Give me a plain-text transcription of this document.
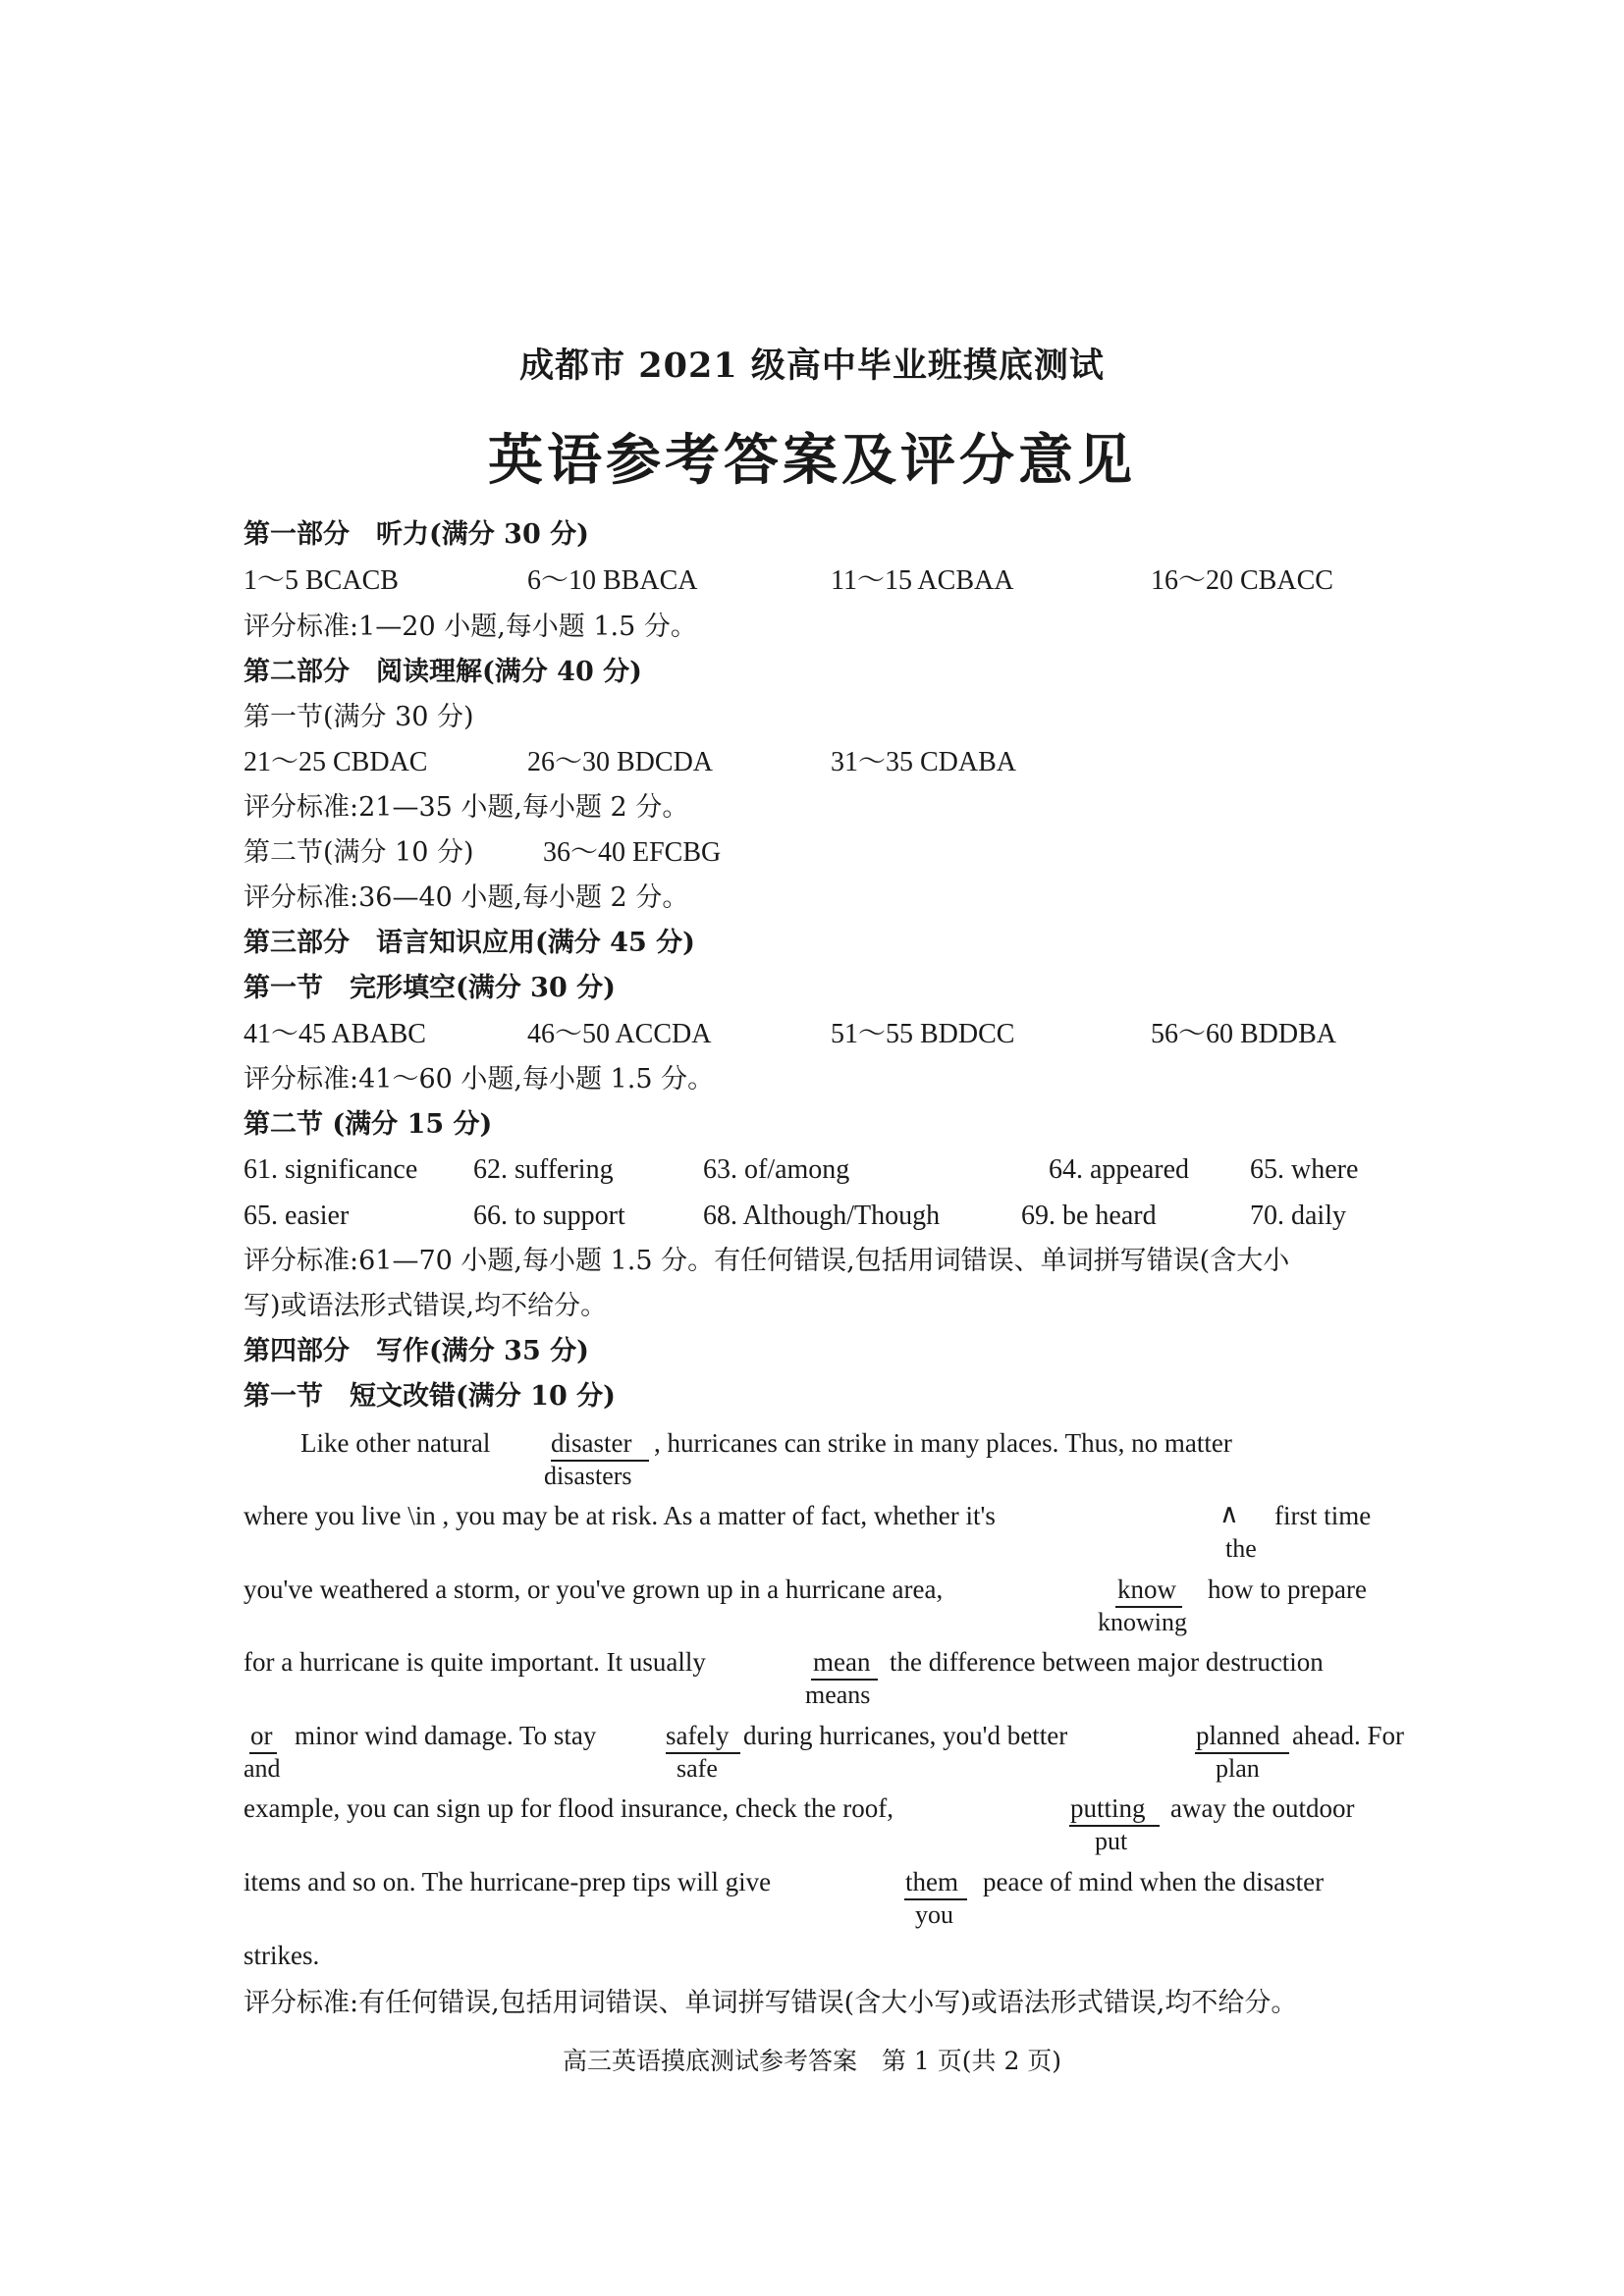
成都市 2021 级高中毕业班摸底测试
英语参考答案及评分意见
第一部分　听力(满分 30 分)
1～5 BCACB	6～10 BBACA	11～15 ACBAA	16～20 CBACC
评分标准:1—20 小题,每小题 1.5 分。
第二部分　阅读理解(满分 40 分)
第一节(满分 30 分)
21～25 CBDAC	26～30 BDCDA	31～35 CDABA
评分标准:21—35 小题,每小题 2 分。
第二节(满分 10 分)	36～40 EFCBG
评分标准:36—40 小题,每小题 2 分。
第三部分　语言知识应用(满分 45 分)
第一节　完形填空(满分 30 分)
41～45 ABABC	46～50 ACCDA	51～55 BDDCC	56～60 BDDBA
评分标准:41～60 小题,每小题 1.5 分。
第二节 (满分 15 分)
61. significance 62. suffering	63. of/among	64. appeared 65. where
65. easier	66. to support	68. Although/Though	69. be heard	70. daily
评分标准:61—70 小题,每小题 1.5 分。有任何错误,包括用词错误、单词拼写错误(含大小
写)或语法形式错误,均不给分。
第四部分　写作(满分 35 分)
第一节　短文改错(满分 10 分)
Like other natural disaster , hurricanes can strike in many places. Thus, no matter
disasters
where you live \in , you may be at risk. As a matter of fact, whether it's	∧ first time
the
you've weathered a storm, or you've grown up in a hurricane area,	know how to prepare
knowing
for a hurricane is quite important. It usually	mean the difference between major destruction
means
or minor wind damage. To stay	safely during hurricanes, you'd better	planned ahead. For
and	safe	plan
example, you can sign up for flood insurance, check the roof,	putting away the outdoor
put
items and so on. The hurricane-prep tips will give	them peace of mind when the disaster
you
strikes.
评分标准:有任何错误,包括用词错误、单词拼写错误(含大小写)或语法形式错误,均不给分。
高三英语摸底测试参考答案　第 1 页(共 2 页)
